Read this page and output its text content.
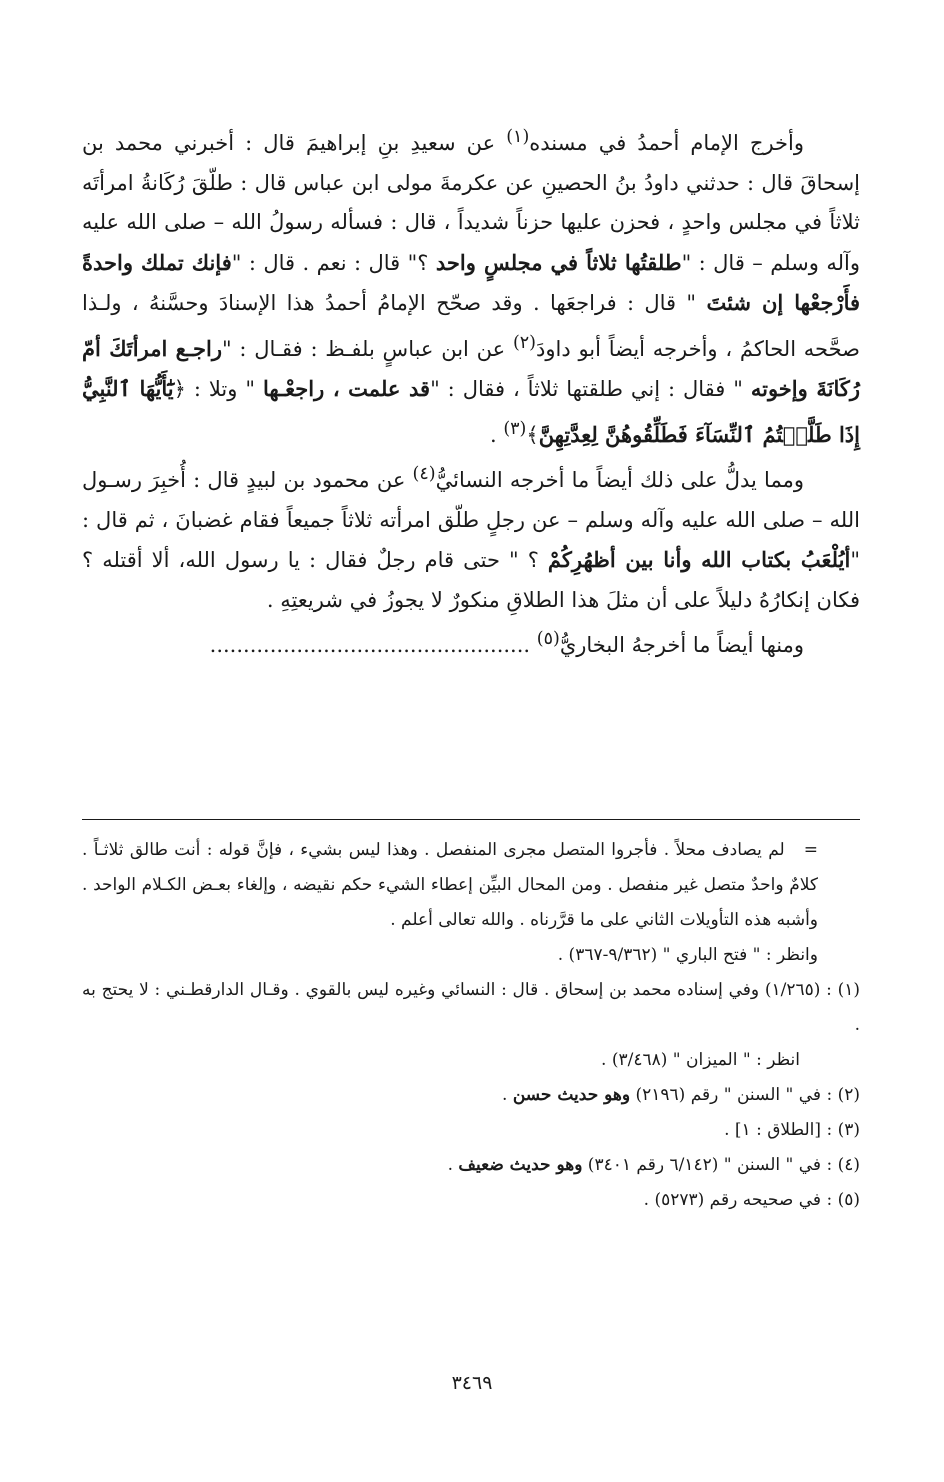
وأخرج الإمام أحمدُ في مسنده$^{(١)}$ عن سعيدِ بنِ إبراهيمَ قال : أخبرني محمد بن إسحاقَ قال : حدثني داودُ بنُ الحصينِ عن عكرمةَ مولى ابن عباس قال : طلّقَ رُكَانةُ امرأتَه ثلاثاً في مجلس واحدٍ ، فحزن عليها حزناً شديداً ، قال : فسأله رسولُ الله – صلى الله عليه وآله وسلم – قال : "طلقتُها ثلاثاً في مجلسٍ واحد ؟" قال : نعم . قال : "فإنك تملك واحدةً فأَرْجعْها إن شئتَ " قال : فراجعَها . وقد صحّح الإمامُ أحمدُ هذا الإسنادَ وحسَّنهُ ، ولـذا صحَّحه الحاكمُ ، وأخرجه أيضاً أبو داودَ$^{(٢)}$ عن ابن عباسٍ بلفـظ : فقـال : "راجـع امرأتَكَ أمّ رُكَانَةَ وإخوته " فقال : إني طلقتها ثلاثاً ، فقال : "قد علمت ، راجعْـها " وتلا : ﴿يَٰٓأَيُّهَا ٱلنَّبِيُّ إِذَا طَلَّقۡتُمُ ٱلنِّسَآءَ فَطَلِّقُوهُنَّ لِعِدَّتِهِنَّ﴾$^{(٣)}$ .

ومما يدلُّ على ذلك أيضاً ما أخرجه النسائيُّ$^{(٤)}$ عن محمود بن لبيدٍ قال : أُخبِرَ رسـول الله – صلى الله عليه وآله وسلم – عن رجلٍ طلّق امرأته ثلاثاً جميعاً فقام غضبانَ ، ثم قال : "أيُلْعَبُ بكتاب الله وأنا بين أظهُرِكُمْ ؟ " حتى قام رجلٌ فقال : يا رسول الله، ألا أقتله ؟ فكان إنكارُهُ دليلاً على أن مثلَ هذا الطلاقِ منكورٌ لا يجوزُ في شريعتِهِ .

ومنها أيضاً ما أخرجهُ البخاريُّ$^{(٥)}$ ................................................

=   لم يصادف محلاً . فأجروا المتصل مجرى المنفصل . وهذا ليس بشيء ، فإنَّ قوله : أنت طالق ثلاثـاً . كلامٌ واحدٌ متصل غير منفصل . ومن المحال البيِّن إعطاء الشيء حكم نقيضه ، وإلغاء بعـض الكـلام الواحد . وأشبه هذه التأويلات الثاني على ما قرَّرناه . والله تعالى أعلم .

وانظر : " فتح الباري " (٩/٣٦٢-٣٦٧) .

(١) : (١/٢٦٥) وفي إسناده محمد بن إسحاق . قال : النسائي وغيره ليس بالقوي . وقـال الدارقطـني : لا يحتج به .

انظر : " الميزان " (٣/٤٦٨) .

(٢) : في " السنن " رقم (٢١٩٦) وهو حديث حسن .

(٣) : [الطلاق : ١] .

(٤) : في " السنن " (٦/١٤٢ رقم ٣٤٠١) وهو حديث ضعيف .

(٥) : في صحيحه رقم (٥٢٧٣) .

٣٤٦٩
